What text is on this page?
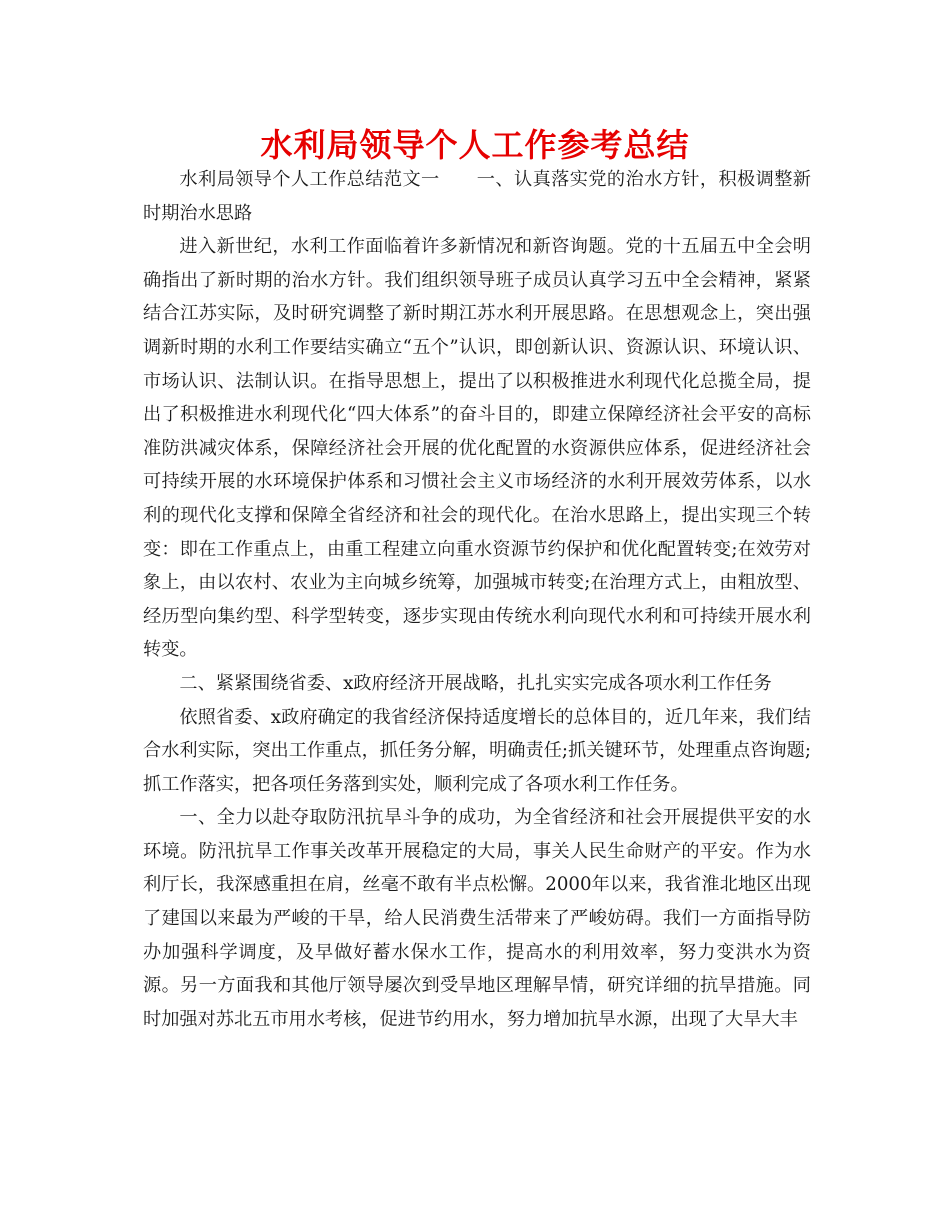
水利局领导个人工作参考总结

水利局领导个人工作总结范文一　　一、认真落实党的治水方针，积极调整新时期治水思路

进入新世纪，水利工作面临着许多新情况和新咨询题。党的十五届五中全会明确指出了新时期的治水方针。我们组织领导班子成员认真学习五中全会精神，紧紧结合江苏实际，及时研究调整了新时期江苏水利开展思路。在思想观念上，突出强调新时期的水利工作要结实确立“五个”认识，即创新认识、资源认识、环境认识、市场认识、法制认识。在指导思想上，提出了以积极推进水利现代化总揽全局，提出了积极推进水利现代化“四大体系”的奋斗目的，即建立保障经济社会平安的高标准防洪减灾体系，保障经济社会开展的优化配置的水资源供应体系，促进经济社会可持续开展的水环境保护体系和习惯社会主义市场经济的水利开展效劳体系，以水利的现代化支撑和保障全省经济和社会的现代化。在治水思路上，提出实现三个转变：即在工作重点上，由重工程建立向重水资源节约保护和优化配置转变;在效劳对象上，由以农村、农业为主向城乡统筹，加强城市转变;在治理方式上，由粗放型、经历型向集约型、科学型转变，逐步实现由传统水利向现代水利和可持续开展水利转变。

二、紧紧围绕省委、x政府经济开展战略，扎扎实实完成各项水利工作任务

依照省委、x政府确定的我省经济保持适度增长的总体目的，近几年来，我们结合水利实际，突出工作重点，抓任务分解，明确责任;抓关键环节，处理重点咨询题;抓工作落实，把各项任务落到实处，顺利完成了各项水利工作任务。

一、全力以赴夺取防汛抗旱斗争的成功，为全省经济和社会开展提供平安的水环境。防汛抗旱工作事关改革开展稳定的大局，事关人民生命财产的平安。作为水利厅长，我深感重担在肩，丝毫不敢有半点松懈。2000年以来，我省淮北地区出现了建国以来最为严峻的干旱，给人民消费生活带来了严峻妨碍。我们一方面指导防办加强科学调度，及早做好蓄水保水工作，提高水的利用效率，努力变洪水为资源。另一方面我和其他厅领导屡次到受旱地区理解旱情，研究详细的抗旱措施。同时加强对苏北五市用水考核，促进节约用水，努力增加抗旱水源，出现了大旱大丰
